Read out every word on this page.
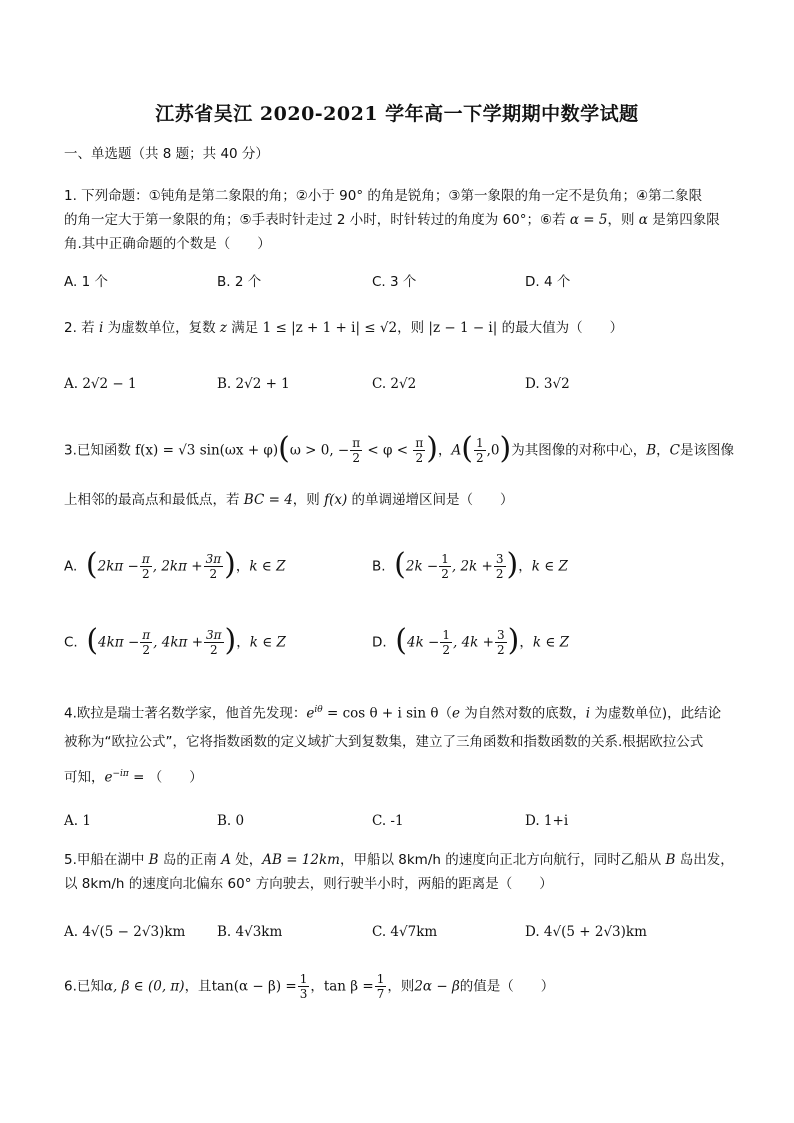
江苏省吴江 2020-2021 学年高一下学期期中数学试题
一、单选题（共 8 题；共 40 分）
1. 下列命题：①钝角是第二象限的角；②小于 90° 的角是锐角；③第一象限的角一定不是负角；④第二象限
的角一定大于第一象限的角；⑤手表时针走过 2 小时，时针转过的角度为 60°；⑥若 α = 5，则 α 是第四象限
角.其中正确命题的个数是（　　）
A. 1 个	B. 2 个	C. 3 个	D. 4 个
2. 若 i 为虚数单位，复数 z 满足 1 ≤ |z + 1 + i| ≤ √2，则 |z − 1 − i| 的最大值为（　　）
A. 2√2 − 1	B. 2√2 + 1	C. 2√2	D. 3√2
3.已知函数 f(x) = √3 sin(ωx + φ)(ω > 0, − $\frac{\pi}{2} < \varphi < \frac{\pi}{2}$ )，$A( \frac{1}{2} ,0)$为其图像的对称中心，B，C是该图像
上相邻的最高点和最低点，若 BC = 4，则 f(x) 的单调递增区间是（　　）
A. ($2k\pi - \frac{\pi}{2}$ , $2k\pi + \frac{3\pi}{2}$ )，k ∈ Z	B. ($2k - \frac{1}{2}$ , $2k + \frac{3}{2}$ )，k ∈ Z
C. ($4k\pi - \frac{\pi}{2}$ , $4k\pi + \frac{3\pi}{2}$ )，k ∈ Z	D. ($4k - \frac{1}{2}$ , $4k + \frac{3}{2}$ )，k ∈ Z
4.欧拉是瑞士著名数学家，他首先发现：$e^{i\theta} = \cos \theta + i$ sin θ（e 为自然对数的底数，i 为虚数单位)，此结论
被称为“欧拉公式”，它将指数函数的定义域扩大到复数集，建立了三角函数和指数函数的关系.根据欧拉公式
可知，$e^{-i\pi}$ = （　　）
A. 1	B. 0	C. -1	D. 1+i
5.甲船在湖中 B 岛的正南 A 处，AB = 12km，甲船以 8km/h 的速度向正北方向航行，同时乙船从 B 岛出发，
以 8km/h 的速度向北偏东 60° 方向驶去，则行驶半小时，两船的距离是（　　）
A. 4√(5 − 2√3)km B. 4√3km	C. 4√7km	D. 4√(5 + 2√3)km
6.已知α, β ∈ (0, π)，且$\tan(\alpha - \beta) = \frac{1}{3}$ ，$\tan \beta = \frac{1}{7}$ ，则2α − β的值是（　　）
